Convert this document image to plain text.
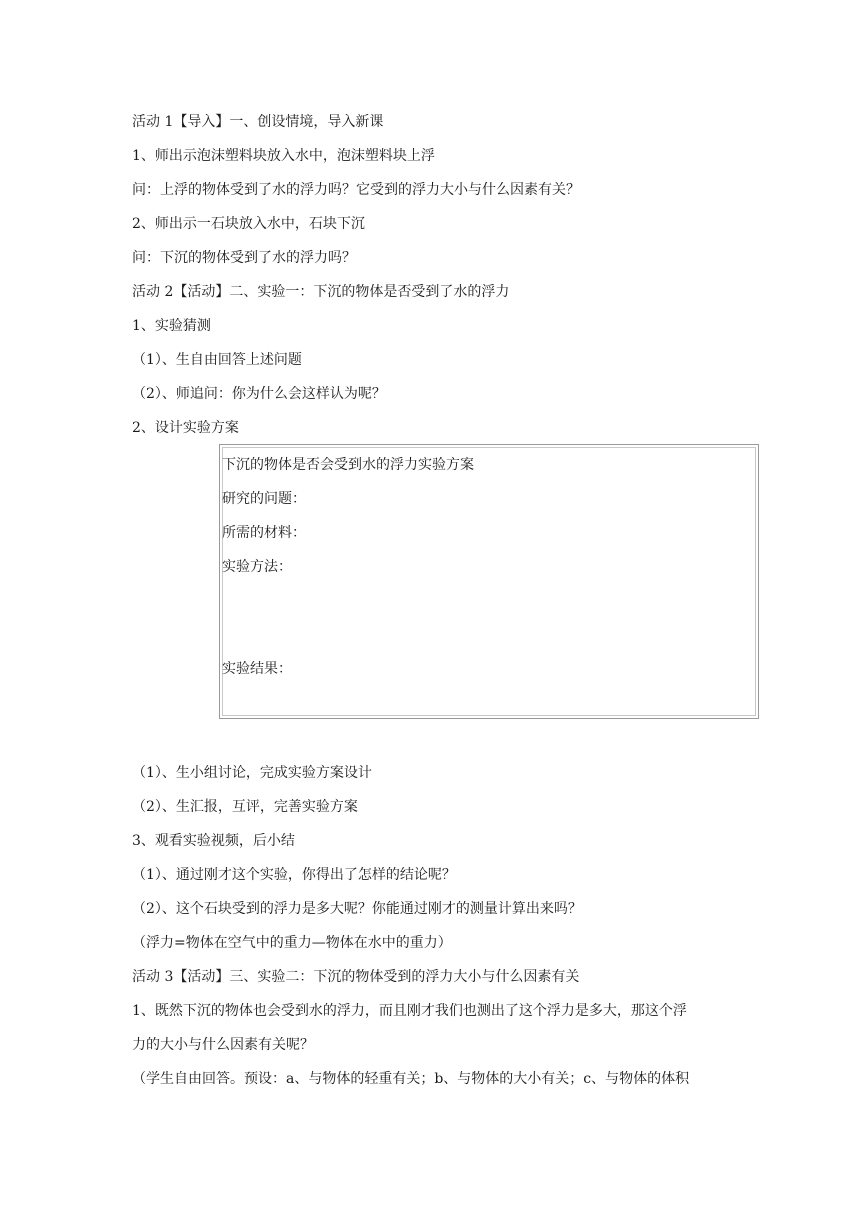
活动 1【导入】一、创设情境，导入新课
1、师出示泡沫塑料块放入水中，泡沫塑料块上浮
问：上浮的物体受到了水的浮力吗？它受到的浮力大小与什么因素有关？
2、师出示一石块放入水中，石块下沉
问：下沉的物体受到了水的浮力吗？
活动 2【活动】二、实验一：下沉的物体是否受到了水的浮力
1、实验猜测
（1）、生自由回答上述问题
（2）、师追问：你为什么会这样认为呢？
2、设计实验方案
下沉的物体是否会受到水的浮力实验方案
研究的问题：
所需的材料：
实验方法：
实验结果：
（1）、生小组讨论，完成实验方案设计
（2）、生汇报，互评，完善实验方案
3、观看实验视频，后小结
（1）、通过刚才这个实验，你得出了怎样的结论呢？
（2）、这个石块受到的浮力是多大呢？你能通过刚才的测量计算出来吗？
（浮力=物体在空气中的重力—物体在水中的重力）
活动 3【活动】三、实验二：下沉的物体受到的浮力大小与什么因素有关
1、既然下沉的物体也会受到水的浮力，而且刚才我们也测出了这个浮力是多大，那这个浮
力的大小与什么因素有关呢？
（学生自由回答。预设：a、与物体的轻重有关；b、与物体的大小有关；c、与物体的体积
